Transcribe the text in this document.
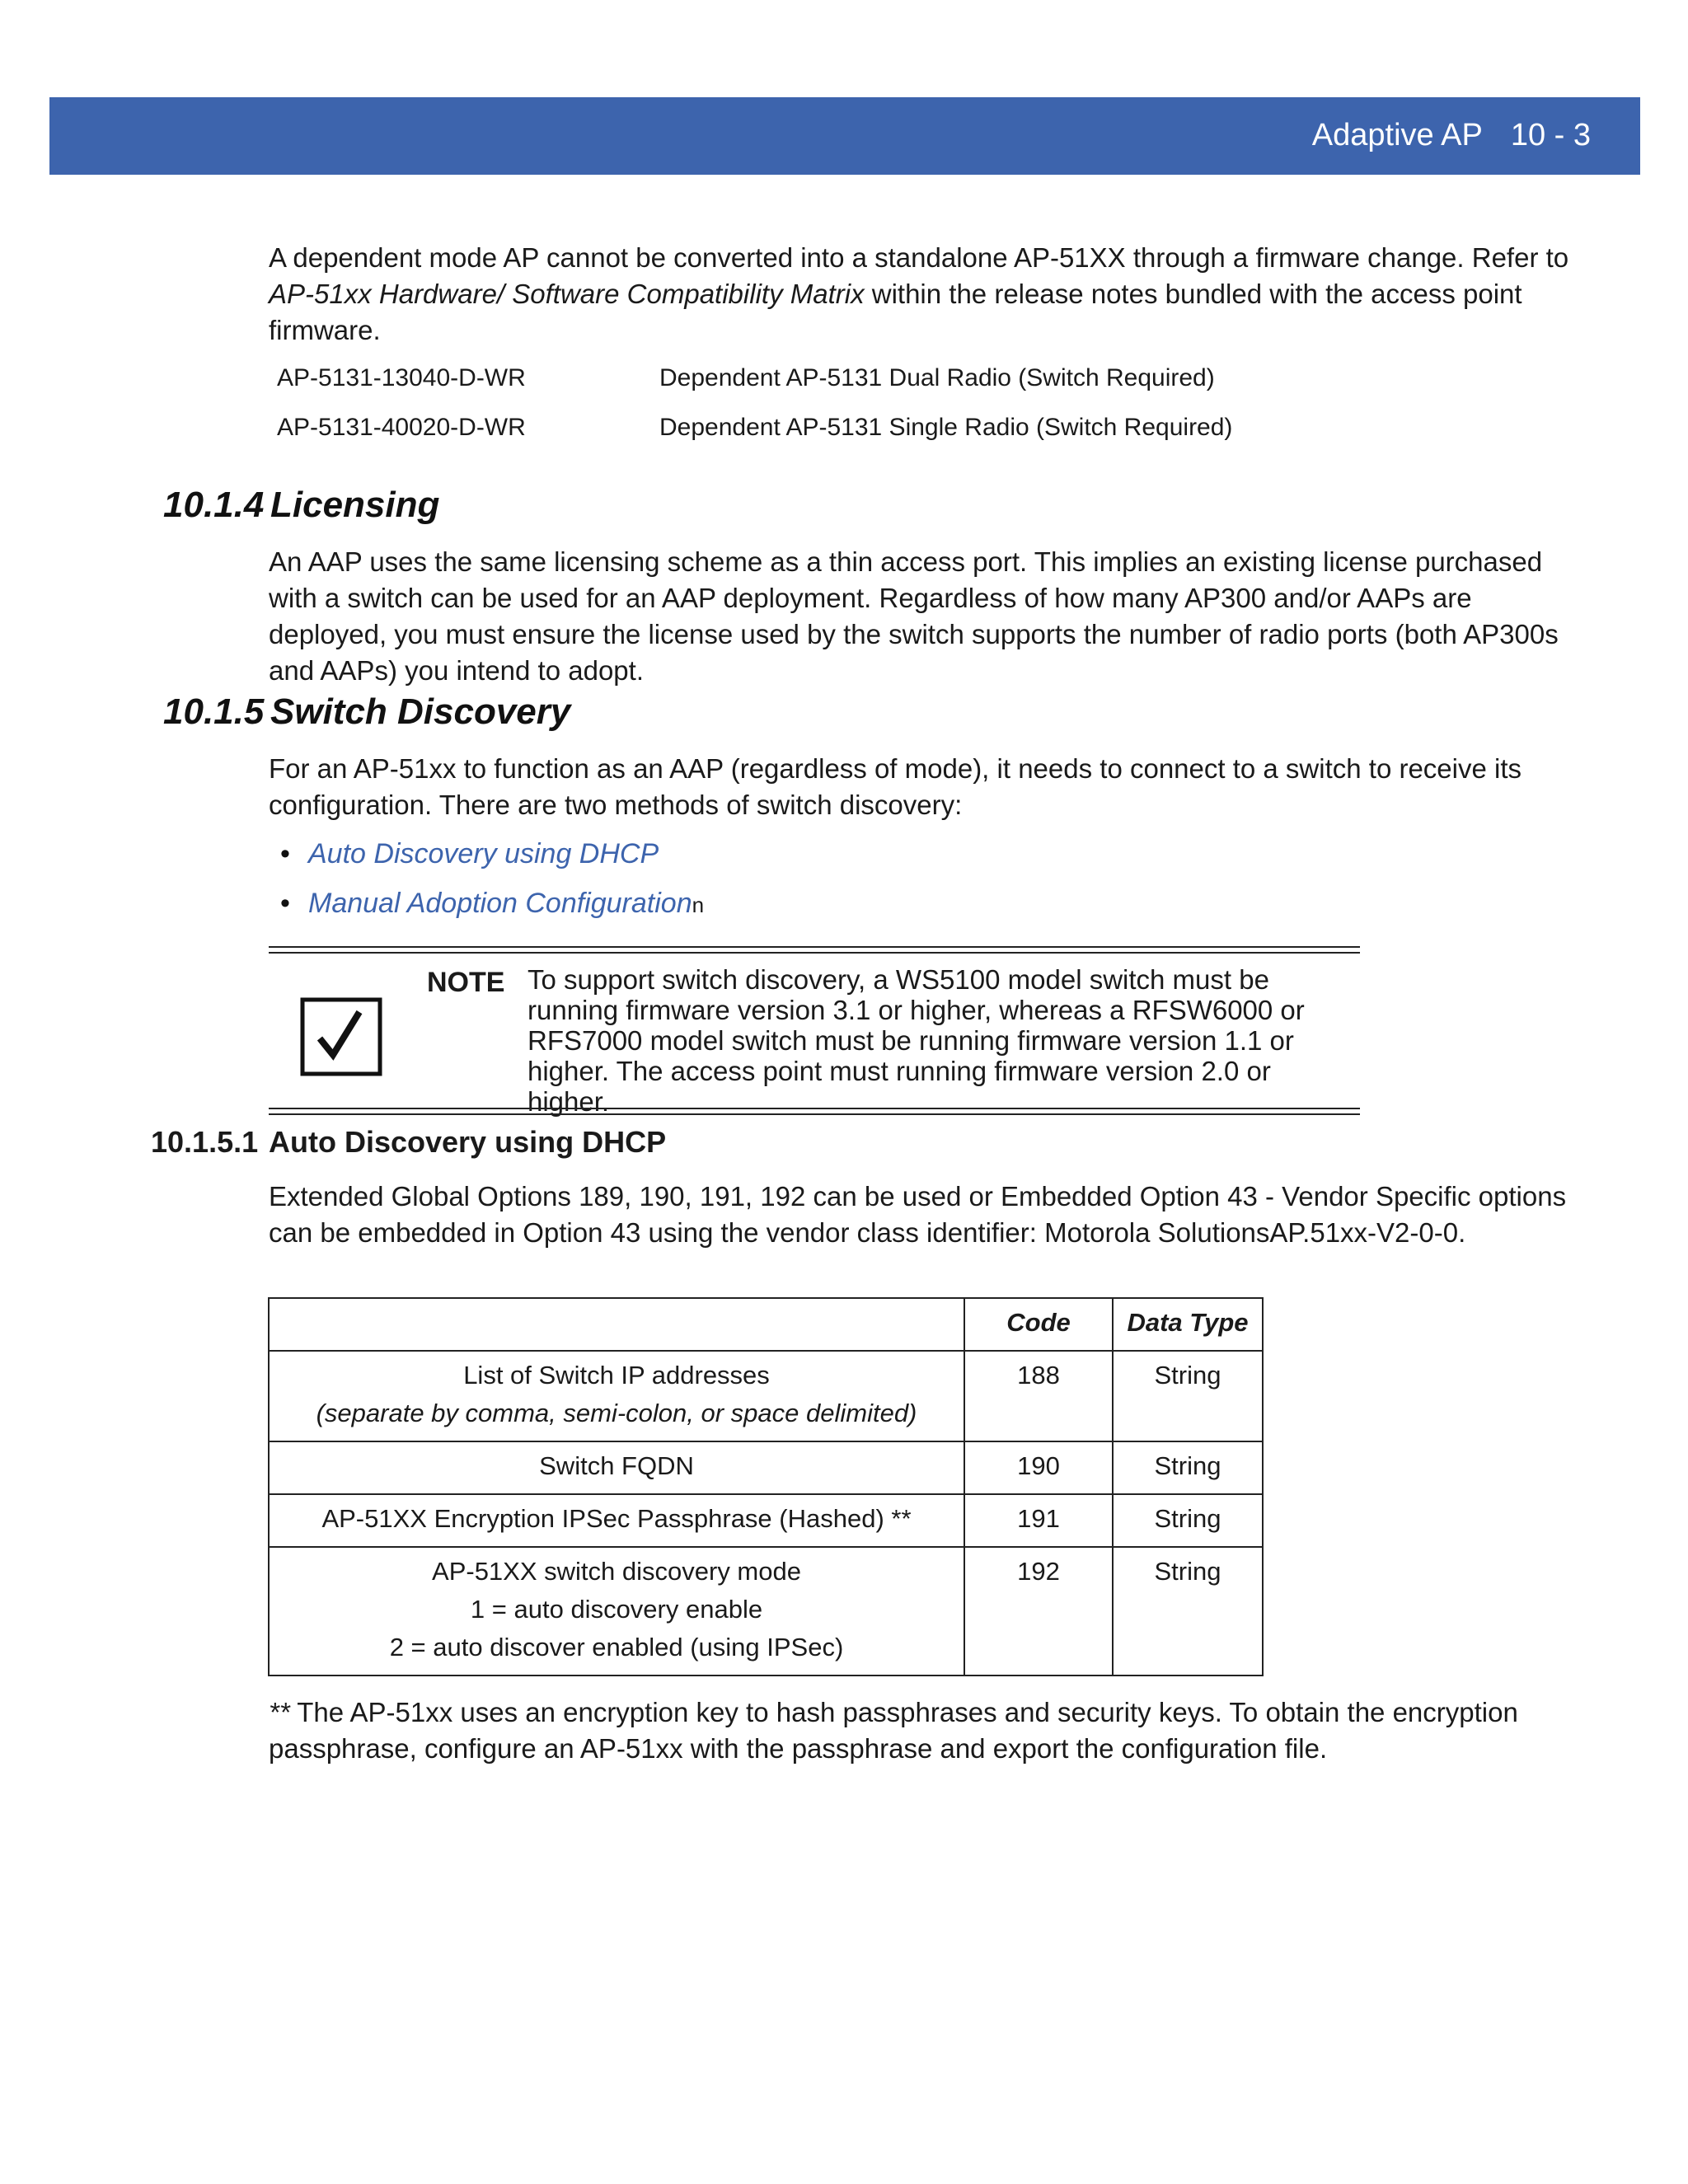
Adaptive AP 10 - 3
A dependent mode AP cannot be converted into a standalone AP-51XX through a firmware change. Refer to AP-51xx Hardware/ Software Compatibility Matrix within the release notes bundled with the access point firmware.
AP-5131-13040-D-WR	Dependent AP-5131 Dual Radio (Switch Required)
AP-5131-40020-D-WR	Dependent AP-5131 Single Radio (Switch Required)
10.1.4 Licensing
An AAP uses the same licensing scheme as a thin access port. This implies an existing license purchased with a switch can be used for an AAP deployment. Regardless of how many AP300 and/or AAPs are deployed, you must ensure the license used by the switch supports the number of radio ports (both AP300s and AAPs) you intend to adopt.
10.1.5 Switch Discovery
For an AP-51xx to function as an AAP (regardless of mode), it needs to connect to a switch to receive its configuration. There are two methods of switch discovery:
• Auto Discovery using DHCP
• Manual Adoption Configurationn
NOTE To support switch discovery, a WS5100 model switch must be running firmware version 3.1 or higher, whereas a RFSW6000 or RFS7000 model switch must be running firmware version 1.1 or higher. The access point must running firmware version 2.0 or higher.
10.1.5.1 Auto Discovery using DHCP
Extended Global Options 189, 190, 191, 192 can be used or Embedded Option 43 - Vendor Specific options can be embedded in Option 43 using the vendor class identifier: Motorola SolutionsAP.51xx-V2-0-0.
	Code	Data Type

List of Switch IP addresses
(separate by comma, semi-colon, or space delimited)	188	String
Switch FQDN	190	String
AP-51XX Encryption IPSec Passphrase (Hashed) **	191	String

AP-51XX switch discovery mode
1 = auto discovery enable
2 = auto discover enabled (using IPSec)	192	String
** The AP-51xx uses an encryption key to hash passphrases and security keys. To obtain the encryption passphrase, configure an AP-51xx with the passphrase and export the configuration file.
